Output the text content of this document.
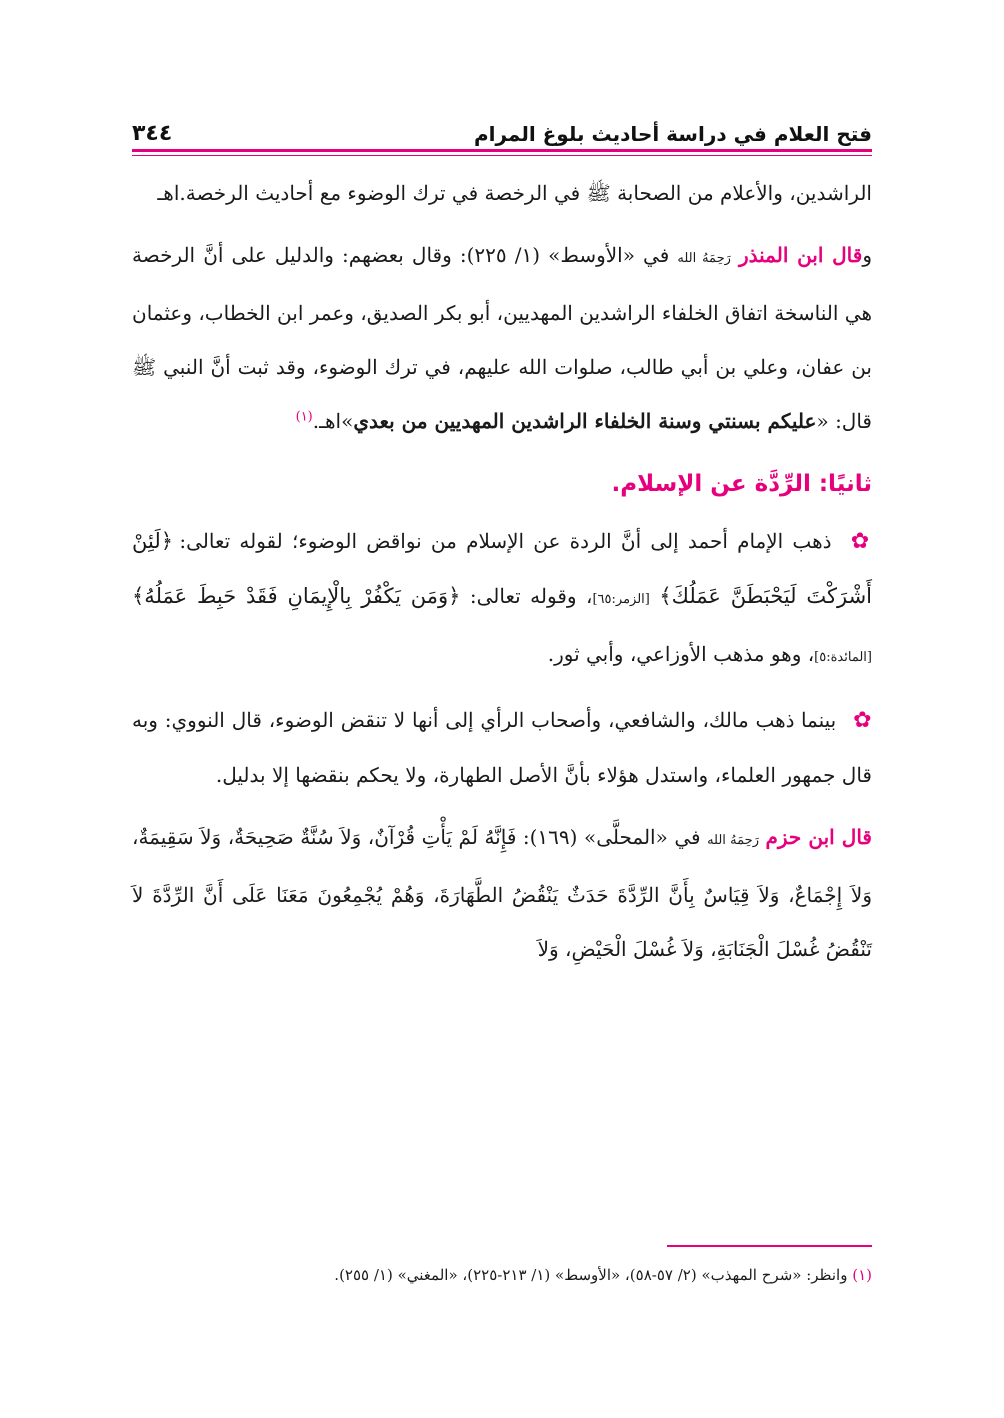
فتح العلام في دراسة أحاديث بلوغ المرام
٣٤٤

الراشدين، والأعلام من الصحابة ﷺ في الرخصة في ترك الوضوء مع أحاديث الرخصة.اهـ

وقال ابن المنذر رَحِمَهُ الله في «الأوسط» (١/ ٢٢٥): وقال بعضهم: والدليل على أنَّ الرخصة هي الناسخة اتفاق الخلفاء الراشدين المهديين، أبو بكر الصديق، وعمر ابن الخطاب، وعثمان بن عفان، وعلي بن أبي طالب، صلوات الله عليهم، في ترك الوضوء، وقد ثبت أنَّ النبي ﷺ قال: «عليكم بسنتي وسنة الخلفاء الراشدين المهديين من بعدي»اهـ.$^{(١)}$

ثانيًا: الرِّدَّة عن الإسلام.

✿ ذهب الإمام أحمد إلى أنَّ الردة عن الإسلام من نواقض الوضوء؛ لقوله تعالى: ﴿لَئِنْ أَشْرَكْتَ لَيَحْبَطَنَّ عَمَلُكَ﴾ [الزمر:٦٥]، وقوله تعالى: ﴿وَمَن يَكْفُرْ بِالْإِيمَانِ فَقَدْ حَبِطَ عَمَلُهُ﴾ [المائدة:٥]، وهو مذهب الأوزاعي، وأبي ثور.

✿ بينما ذهب مالك، والشافعي، وأصحاب الرأي إلى أنها لا تنقض الوضوء، قال النووي: وبه قال جمهور العلماء، واستدل هؤلاء بأنَّ الأصل الطهارة، ولا يحكم بنقضها إلا بدليل.

قال ابن حزم رَحِمَهُ الله في «المحلَّى» (١٦٩): فَإِنَّهُ لَمْ يَأْتِ قُرْآنٌ، وَلاَ سُنَّةٌ صَحِيحَةٌ، وَلاَ سَقِيمَةٌ، وَلاَ إِجْمَاعٌ، وَلاَ قِيَاسٌ بِأَنَّ الرِّدَّةَ حَدَثٌ يَنْقُضُ الطَّهَارَةَ، وَهُمْ يُجْمِعُونَ مَعَنَا عَلَى أَنَّ الرِّدَّةَ لاَ تَنْقُضُ غُسْلَ الْجَنَابَةِ، وَلاَ غُسْلَ الْحَيْضِ، وَلاَ

(١) وانظر: «شرح المهذب» (٢/ ٥٧-٥٨)، «الأوسط» (١/ ٢١٣-٢٢٥)، «المغني» (١/ ٢٥٥).
